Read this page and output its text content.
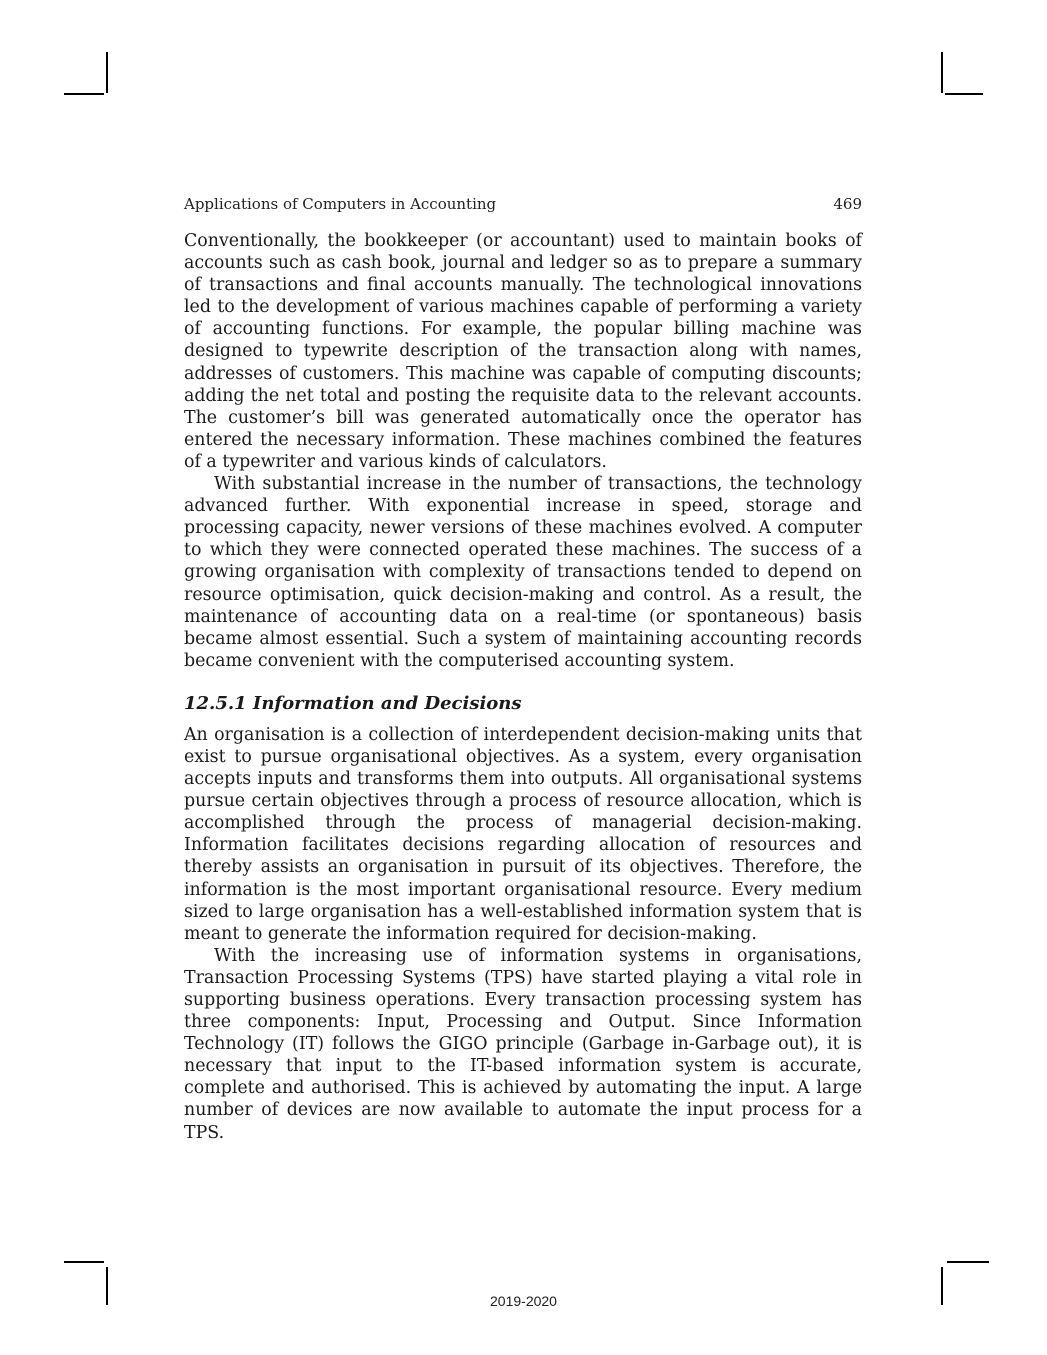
Applications of Computers in Accounting	469

Conventionally, the bookkeeper (or accountant) used to maintain books of accounts such as cash book, journal and ledger so as to prepare a summary of transactions and final accounts manually. The technological innovations led to the development of various machines capable of performing a variety of accounting functions. For example, the popular billing machine was designed to typewrite description of the transaction along with names, addresses of customers. This machine was capable of computing discounts; adding the net total and posting the requisite data to the relevant accounts. The customer’s bill was generated automatically once the operator has entered the necessary information. These machines combined the features of a typewriter and various kinds of calculators.

With substantial increase in the number of transactions, the technology advanced further. With exponential increase in speed, storage and processing capacity, newer versions of these machines evolved. A computer to which they were connected operated these machines. The success of a growing organisation with complexity of transactions tended to depend on resource optimisation, quick decision-making and control. As a result, the maintenance of accounting data on a real-time (or spontaneous) basis became almost essential. Such a system of maintaining accounting records became convenient with the computerised accounting system.

12.5.1 Information and Decisions

An organisation is a collection of interdependent decision-making units that exist to pursue organisational objectives. As a system, every organisation accepts inputs and transforms them into outputs. All organisational systems pursue certain objectives through a process of resource allocation, which is accomplished through the process of managerial decision-making. Information facilitates decisions regarding allocation of resources and thereby assists an organisation in pursuit of its objectives. Therefore, the information is the most important organisational resource. Every medium sized to large organisation has a well-established information system that is meant to generate the information required for decision-making.

With the increasing use of information systems in organisations, Transaction Processing Systems (TPS) have started playing a vital role in supporting business operations. Every transaction processing system has three components: Input, Processing and Output. Since Information Technology (IT) follows the GIGO principle (Garbage in-Garbage out), it is necessary that input to the IT-based information system is accurate, complete and authorised. This is achieved by automating the input. A large number of devices are now available to automate the input process for a TPS.

2019-2020
